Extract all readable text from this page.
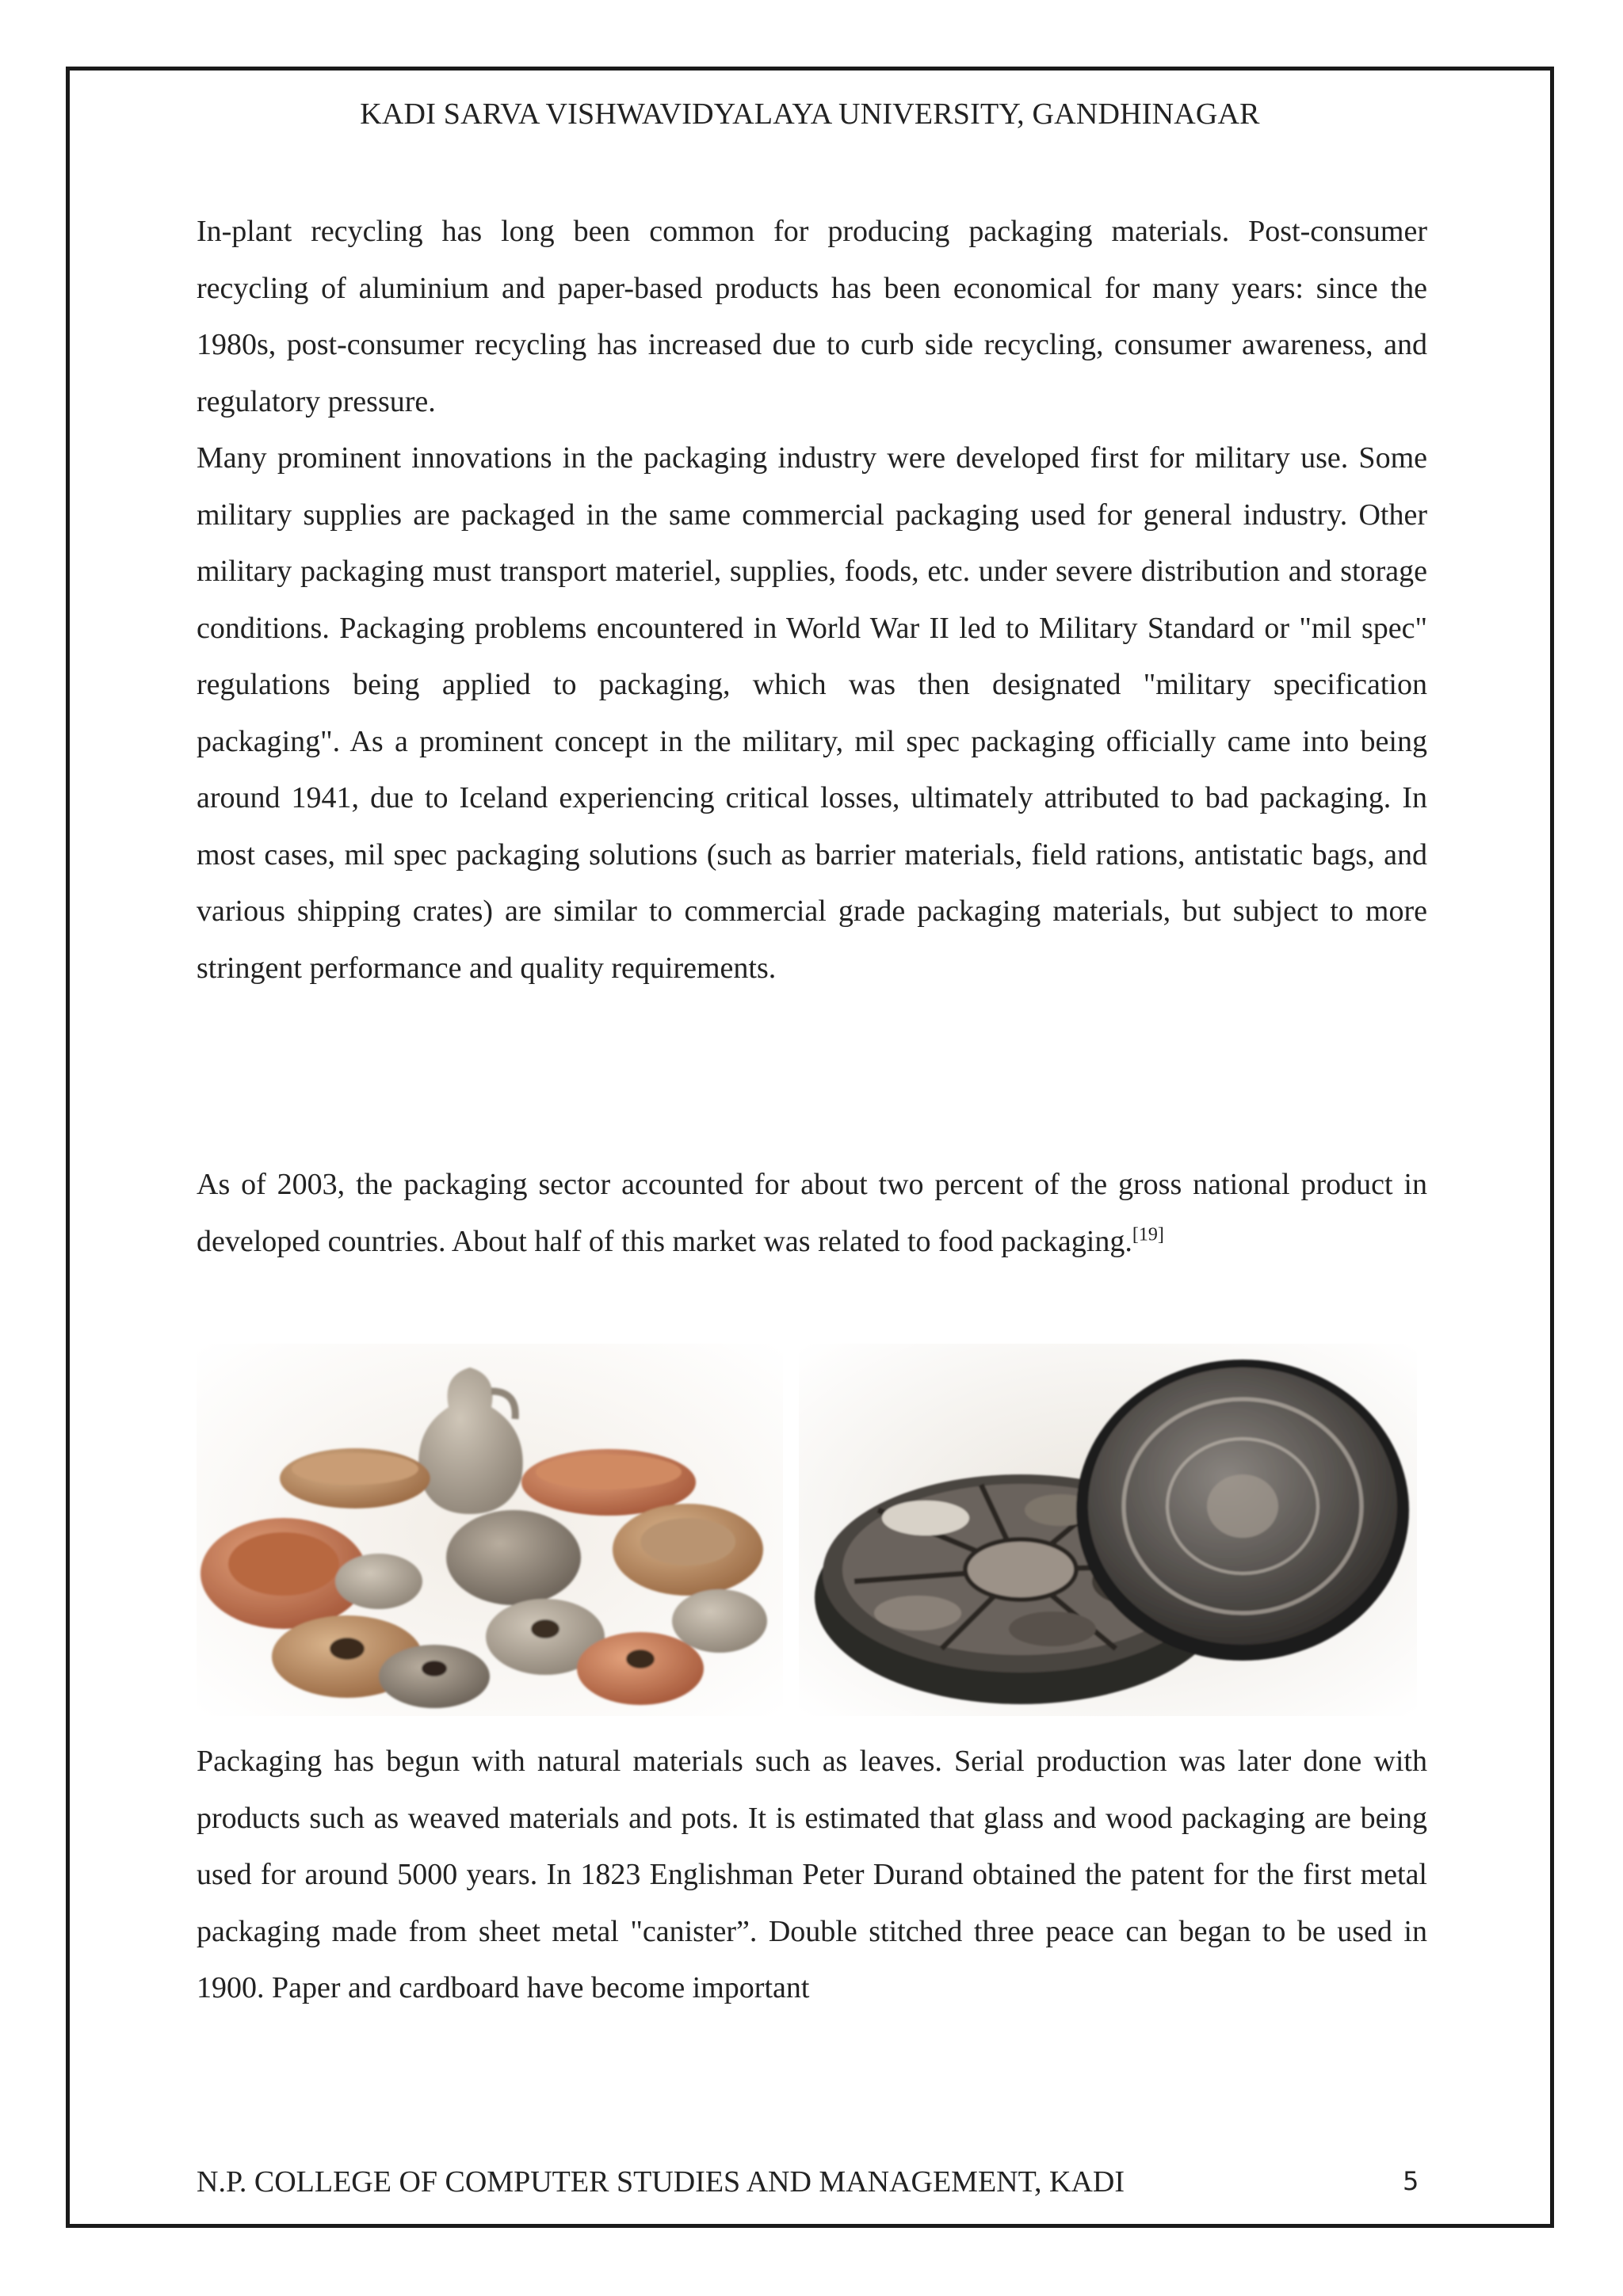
KADI SARVA VISHWAVIDYALAYA UNIVERSITY, GANDHINAGAR

In-plant recycling has long been common for producing packaging materials. Post-consumer recycling of aluminium and paper-based products has been economical for many years: since the 1980s, post-consumer recycling has increased due to curb side recycling, consumer awareness, and regulatory pressure.

Many prominent innovations in the packaging industry were developed first for military use. Some military supplies are packaged in the same commercial packaging used for general industry. Other military packaging must transport materiel, supplies, foods, etc. under severe distribution and storage conditions. Packaging problems encountered in World War II led to Military Standard or "mil spec" regulations being applied to packaging, which was then designated "military specification packaging". As a prominent concept in the military, mil spec packaging officially came into being around 1941, due to Iceland experiencing critical losses, ultimately attributed to bad packaging. In most cases, mil spec packaging solutions (such as barrier materials, field rations, antistatic bags, and various shipping crates) are similar to commercial grade packaging materials, but subject to more stringent performance and quality requirements.

As of 2003, the packaging sector accounted for about two percent of the gross national product in developed countries. About half of this market was related to food packaging.[19]

Packaging has begun with natural materials such as leaves. Serial production was later done with products such as weaved materials and pots. It is estimated that glass and wood packaging are being used for around 5000 years. In 1823 Englishman Peter Durand obtained the patent for the first metal packaging made from sheet metal "canister”. Double stitched three peace can began to be used in 1900. Paper and cardboard have become important

N.P. COLLEGE OF COMPUTER STUDIES AND MANAGEMENT, KADI	5
